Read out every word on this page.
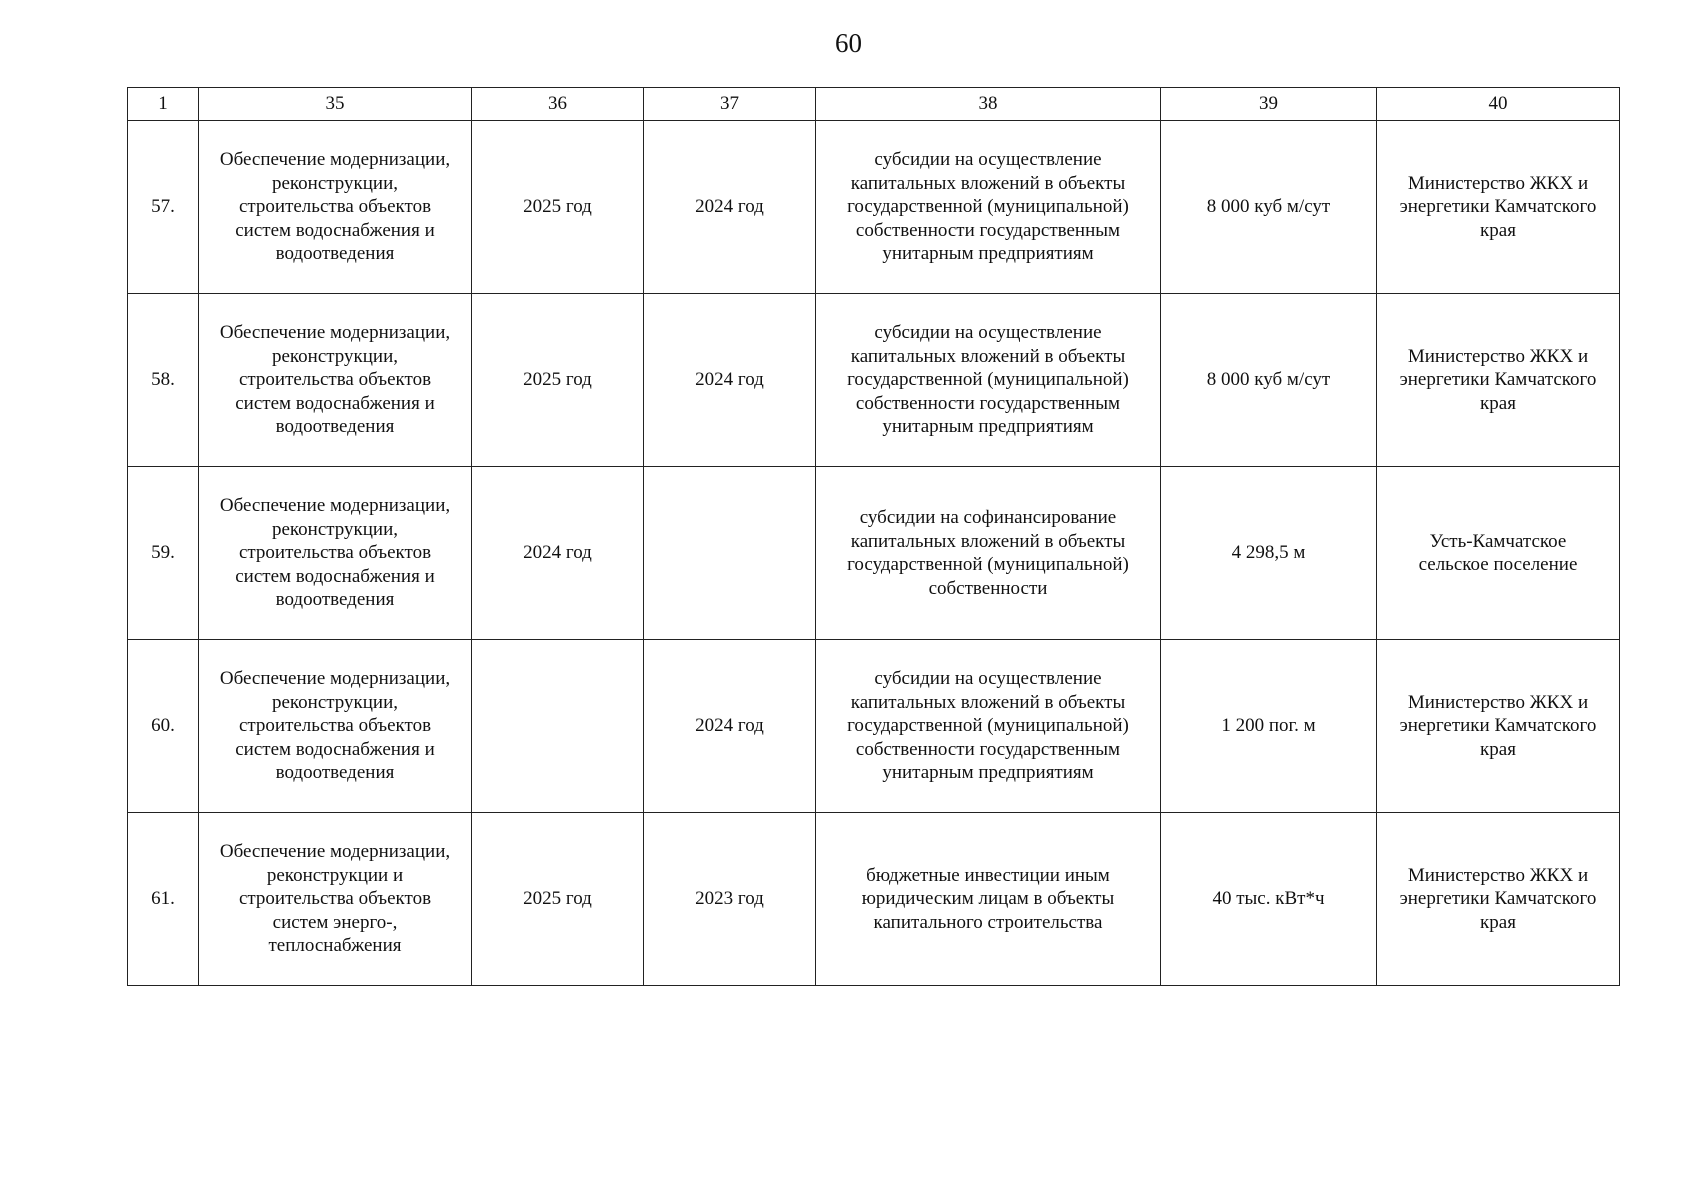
60
1	35	36	37	38	39	40
57.	Обеспечение модернизации,
реконструкции,
строительства объектов
систем водоснабжения и
водоотведения	2025 год	2024 год	субсидии на осуществление
капитальных вложений в объекты
государственной (муниципальной)
собственности государственным
унитарным предприятиям	8 000 куб м/сут	Министерство ЖКХ и
энергетики Камчатского
края
58.	Обеспечение модернизации,
реконструкции,
строительства объектов
систем водоснабжения и
водоотведения	2025 год	2024 год	субсидии на осуществление
капитальных вложений в объекты
государственной (муниципальной)
собственности государственным
унитарным предприятиям	8 000 куб м/сут	Министерство ЖКХ и
энергетики Камчатского
края
59.	Обеспечение модернизации,
реконструкции,
строительства объектов
систем водоснабжения и
водоотведения	2024 год		субсидии на софинансирование
капитальных вложений в объекты
государственной (муниципальной)
собственности	4 298,5 м	Усть-Камчатское
сельское поселение
60.	Обеспечение модернизации,
реконструкции,
строительства объектов
систем водоснабжения и
водоотведения		2024 год	субсидии на осуществление
капитальных вложений в объекты
государственной (муниципальной)
собственности государственным
унитарным предприятиям	1 200 пог. м	Министерство ЖКХ и
энергетики Камчатского
края
61.	Обеспечение модернизации,
реконструкции и
строительства объектов
систем энерго-,
теплоснабжения	2025 год	2023 год	бюджетные инвестиции иным
юридическим лицам в объекты
капитального строительства	40 тыс. кВт*ч	Министерство ЖКХ и
энергетики Камчатского
края
